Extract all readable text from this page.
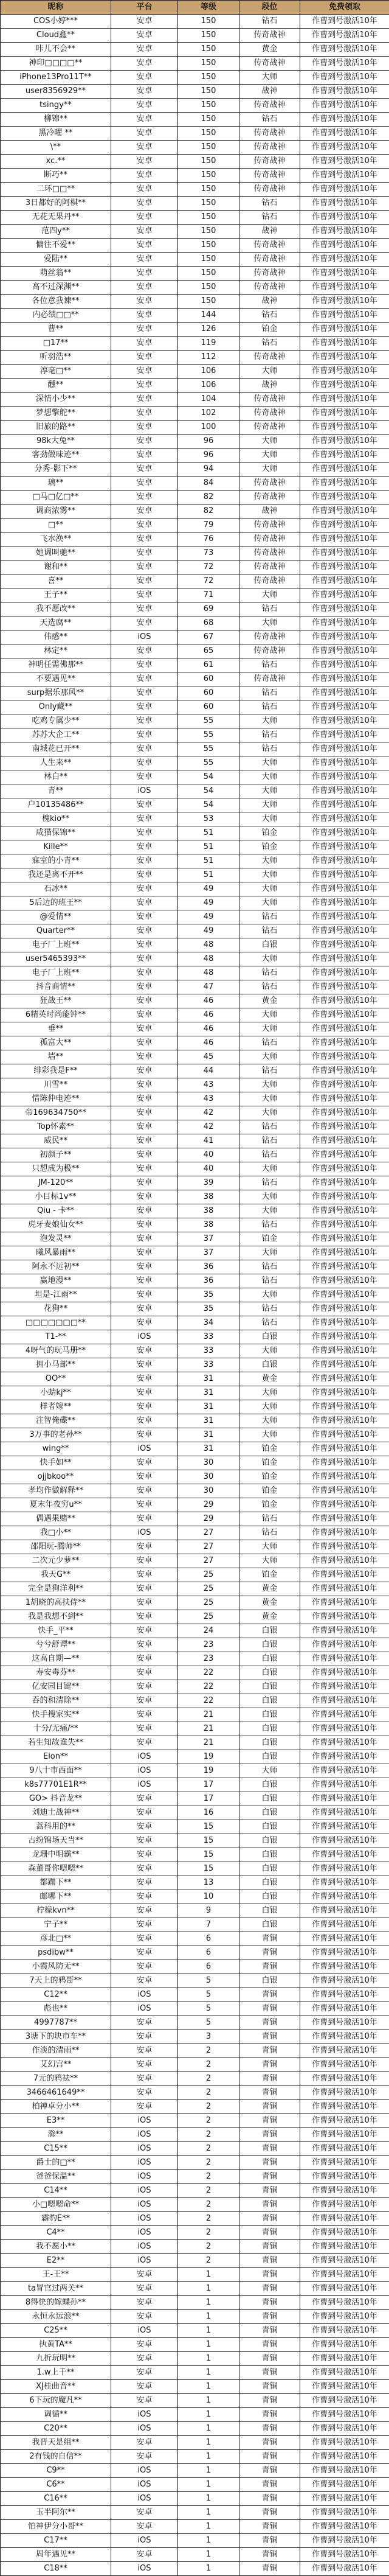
昵称	平台	等级	段位	免费领取
COS小婷***	安卓	150	钻石	作曹到号激活10年
Cloud鑫**	安卓	150	传奇战神	作曹到号激活10年
咔儿不会**	安卓	150	黄金	作曹到号激活10年
神印□□□□**	安卓	150	传奇战神	作曹到号激活10年
iPhone13Pro11T**	安卓	150	大师	作曹到号激活10年
user8356929**	安卓	150	战神	作曹到号激活10年
tsingy**	安卓	150	传奇战神	作曹到号激活10年
柳锦**	安卓	150	钻石	作曹到号激活10年
黑冷曜 **	安卓	150	传奇战神	作曹到号激活10年
\**	安卓	150	传奇战神	作曹到号激活10年
xc.**	安卓	150	传奇战神	作曹到号激活10年
断巧**	安卓	150	传奇战神	作曹到号激活10年
二环□□**	安卓	150	传奇战神	作曹到号激活10年
3日都好的阿棋**	安卓	150	钻石	作曹到号激活10年
无花无果丹**	安卓	150	钻石	作曹到号激活10年
范四y**	安卓	150	战神	作曹到号激活10年
慵往不爱**	安卓	150	传奇战神	作曹到号激活10年
爱陆**	安卓	150	传奇战神	作曹到号激活10年
萌丝翁**	安卓	150	传奇战神	作曹到号激活10年
高不过深渊**	安卓	150	传奇战神	作曹到号激活10年
各位意我谏**	安卓	150	战神	作曹到号激活10年
内必绩□□**	安卓	144	钻石	作曹到号激活10年
曹**	安卓	126	铂金	作曹到号激活10年
□17**	安卓	119	钻石	作曹到号激活10年
听羽浩**	安卓	112	传奇战神	作曹到号激活10年
淳毫□**	安卓	106	大师	作曹到号激活10年
醺**	安卓	106	战神	作曹到号激活10年
深情小少**	安卓	104	传奇战神	作曹到号激活10年
梦想擎舵**	安卓	102	传奇战神	作曹到号激活10年
旧旅的路**	安卓	100	传奇战神	作曹到号激活10年
98k大兔**	安卓	96	大师	作曹到号激活10年
客劲做味迹**	安卓	96	大师	作曹到号激活10年
分秀-影下**	安卓	94	大师	作曹到号激活10年
璃**	安卓	84	传奇战神	作曹到号激活10年
□马□亿□**	安卓	82	传奇战神	作曹到号激活10年
调商浓雾**	安卓	82	战神	作曹到号激活10年
□**	安卓	79	传奇战神	作曹到号激活10年
飞水涣**	安卓	76	传奇战神	作曹到号激活10年
她调叫驰**	安卓	73	传奇战神	作曹到号激活10年
谢和**	安卓	72	传奇战神	作曹到号激活10年
喜**	安卓	72	传奇战神	作曹到号激活10年
王子**	安卓	71	大师	作曹到号激活10年
我不愿改**	安卓	69	钻石	作曹到号激活10年
天选腐**	安卓	68	大师	作曹到号激活10年
伟感**	iOS	67	传奇战神	作曹到号激活10年
林定**	安卓	65	传奇战神	作曹到号激活10年
神明任需佛那**	安卓	61	钻石	作曹到号激活10年
不要遇见**	安卓	60	传奇战神	作曹到号激活10年
surp据乐那风**	安卓	60	钻石	作曹到号激活10年
Only藏**	安卓	60	钻石	作曹到号激活10年
吃鸡专属少**	安卓	55	大师	作曹到号激活10年
苏苏大企工**	安卓	55	钻石	作曹到号激活10年
南城花已开**	安卓	55	钻石	作曹到号激活10年
人生来**	安卓	55	大师	作曹到号激活10年
林白**	安卓	54	大师	作曹到号激活10年
青**	iOS	54	大师	作曹到号激活10年
户10135486**	安卓	54	大师	作曹到号激活10年
槐kio**	安卓	53	大师	作曹到号激活10年
咸猫保锦**	安卓	51	铂金	作曹到号激活10年
Kille**	安卓	51	铂金	作曹到号激活10年
寐室的小青**	安卓	51	大师	作曹到号激活10年
我还是离不开**	安卓	51	大师	作曹到号激活10年
石冰**	安卓	49	大师	作曹到号激活10年
5后边的班王**	安卓	49	大师	作曹到号激活10年
@爱情**	安卓	49	钻石	作曹到号激活10年
Quarter**	安卓	49	钻石	作曹到号激活10年
电子厂上班**	安卓	48	白银	作曹到号激活10年
user5465393**	安卓	48	大师	作曹到号激活10年
电子厂上班**	安卓	48	钻石	作曹到号激活10年
抖音商情**	安卓	47	钻石	作曹到号激活10年
狂战王**	安卓	46	黄金	作曹到号激活10年
6精英时尚能钟**	安卓	46	大师	作曹到号激活10年
垂**	安卓	46	大师	作曹到号激活10年
孤富大**	安卓	46	钻石	作曹到号激活10年
墙**	安卓	45	大师	作曹到号激活10年
绯彩我是F**	安卓	44	钻石	作曹到号激活10年
川雪**	安卓	43	大师	作曹到号激活10年
惜陈仲电迹**	安卓	43	大师	作曹到号激活10年
帝169634750**	安卓	42	大师	作曹到号激活10年
Top怀素**	安卓	42	钻石	作曹到号激活10年
威民**	安卓	41	钻石	作曹到号激活10年
初颜子**	安卓	40	钻石	作曹到号激活10年
只想成为极**	安卓	40	大师	作曹到号激活10年
JM-120**	安卓	39	钻石	作曹到号激活10年
小目标1v**	安卓	38	大师	作曹到号激活10年
Qiu - 卡**	安卓	38	大师	作曹到号激活10年
虎牙麦娘仙女**	安卓	38	钻石	作曹到号激活10年
泡发灵**	安卓	37	铂金	作曹到号激活10年
曦风暴雨**	安卓	37	大师	作曹到号激活10年
阿永不远初**	安卓	36	钻石	作曹到号激活10年
赢地漫**	安卓	36	钻石	作曹到号激活10年
坦是-江雨**	安卓	35	大师	作曹到号激活10年
花狗**	安卓	35	钻石	作曹到号激活10年
□□□□□□□**	安卓	34	钻石	作曹到号激活10年
T1-**	iOS	33	白银	作曹到号激活10年
4呀气的玩马册**	安卓	33	大师	作曹到号激活10年
拥小马部**	安卓	33	白银	作曹到号激活10年
OO**	安卓	31	黄金	作曹到号激活10年
小蜻kj**	安卓	31	大师	作曹到号激活10年
样者嫁**	安卓	31	大师	作曹到号激活10年
注智俺碟**	安卓	31	大师	作曹到号激活10年
3万事的老孙**	安卓	31	大师	作曹到号激活10年
wing**	iOS	31	铂金	作曹到号激活10年
快手如**	安卓	30	铂金	作曹到号激活10年
ojjbkoo**	安卓	30	铂金	作曹到号激活10年
孝均作做解释**	安卓	30	铂金	作曹到号激活10年
夏末年夜穷u**	安卓	29	铂金	作曹到号激活10年
偶遇果赌**	安卓	29	钻石	作曹到号激活10年
我□小**	iOS	27	钻石	作曹到号激活10年
邵阳玩-腾师**	安卓	27	大师	作曹到号激活10年
二次元少萝**	安卓	27	大师	作曹到号激活10年
我天G**	安卓	25	铂金	作曹到号激活10年
完全是狗洋利**	安卓	25	黄金	作曹到号激活10年
1胡晓的高扶侍**	安卓	25	黄金	作曹到号激活10年
我是我想不到**	安卓	25	黄金	作曹到号激活10年
快手_平**	安卓	24	白银	作曹到号激活10年
兮兮舒谭**	安卓	23	白银	作曹到号激活10年
这高自期—**	安卓	23	白银	作曹到号激活10年
寿安毒芬**	安卓	22	白银	作曹到号激活10年
亿安园目键**	安卓	22	白银	作曹到号激活10年
吞的和清除**	安卓	22	白银	作曹到号激活10年
快手搜家实**	安卓	21	白银	作曹到号激活10年
十分/无痛/**	安卓	21	白银	作曹到号激活10年
若生知故谁失**	安卓	21	白银	作曹到号激活10年
Elon**	iOS	19	白银	作曹到号激活10年
9八十市西面**	iOS	19	大师	作曹到号激活10年
k8s77701E1R**	iOS	17	白银	作曹到号激活10年
GO> 抖音龙**	安卓	17	白银	作曹到号激活10年
刘迪士战神**	安卓	16	白银	作曹到号激活10年
蒿科用的**	安卓	15	白银	作曹到号激活10年
古纷锦场天当**	安卓	15	白银	作曹到号激活10年
龙珊中明霸**	安卓	15	白银	作曹到号激活10年
森董哥你嗯嗯**	安卓	15	白银	作曹到号激活10年
都蹦下**	安卓	13	白银	作曹到号激活10年
邮哪下**	安卓	10	白银	作曹到号激活10年
柠檬kvn**	安卓	9	白银	作曹到号激活10年
宁子**	安卓	7	白银	作曹到号激活10年
彦北□**	安卓	6	青铜	作曹到号激活10年
psdibw**	安卓	6	青铜	作曹到号激活10年
小霞风防无**	安卓	6	青铜	作曹到号激活10年
7天上的鸦哥**	安卓	5	白银	作曹到号激活10年
C12**	iOS	5	青铜	作曹到号激活10年
彪也**	iOS	5	青铜	作曹到号激活10年
4997787**	安卓	5	青铜	作曹到号激活10年
3塘下的块市车**	安卓	3	青铜	作曹到号激活10年
作淡的清雨**	安卓	2	青铜	作曹到号激活10年
艾幻宫**	安卓	2	青铜	作曹到号激活10年
7元的鸦祛**	安卓	2	青铜	作曹到号激活10年
3466461649**	安卓	2	青铜	作曹到号激活10年
柏禅卓分小**	安卓	2	青铜	作曹到号激活10年
E3**	iOS	2	青铜	作曹到号激活10年
滁**	iOS	2	青铜	作曹到号激活10年
C15**	iOS	2	青铜	作曹到号激活10年
爵士的□**	iOS	2	青铜	作曹到号激活10年
爸爸保温**	iOS	2	青铜	作曹到号激活10年
C14**	iOS	2	青铜	作曹到号激活10年
小□嗯嗯命**	iOS	2	青铜	作曹到号激活10年
霸豹E**	iOS	2	青铜	作曹到号激活10年
C4**	iOS	2	青铜	作曹到号激活10年
我不愿小**	iOS	2	青铜	作曹到号激活10年
E2**	iOS	2	青铜	作曹到号激活10年
王-王**	安卓	1	青铜	作曹到号激活10年
ta冒官过两关**	安卓	1	青铜	作曹到号激活10年
8得快的嫁蝶孙**	安卓	1	青铜	作曹到号激活10年
永恒永远浪**	安卓	1	青铜	作曹到号激活10年
C25**	iOS	1	青铜	作曹到号激活10年
执黄TA**	安卓	1	青铜	作曹到号激活10年
九折玩明**	安卓	1	青铜	作曹到号激活10年
1.w上千**	安卓	1	青铜	作曹到号激活10年
XJ桂曲音**	安卓	1	青铜	作曹到号激活10年
6下玩的魔凡**	安卓	1	青铜	作曹到号激活10年
调循**	iOS	1	青铜	作曹到号激活10年
C20**	iOS	1	青铜	作曹到号激活10年
我晋天是组**	安卓	1	青铜	作曹到号激活10年
2有钱的自信**	安卓	1	青铜	作曹到号激活10年
C9**	iOS	1	青铜	作曹到号激活10年
C6**	iOS	1	青铜	作曹到号激活10年
C16**	iOS	1	青铜	作曹到号激活10年
玉半阿尔**	安卓	1	青铜	作曹到号激活10年
怕神伊分小哥**	安卓	1	青铜	作曹到号激活10年
C17**	iOS	1	青铜	作曹到号激活10年
周年遇见**	安卓	1	青铜	作曹到号激活10年
C18**	iOS	1	青铜	作曹到号激活10年
